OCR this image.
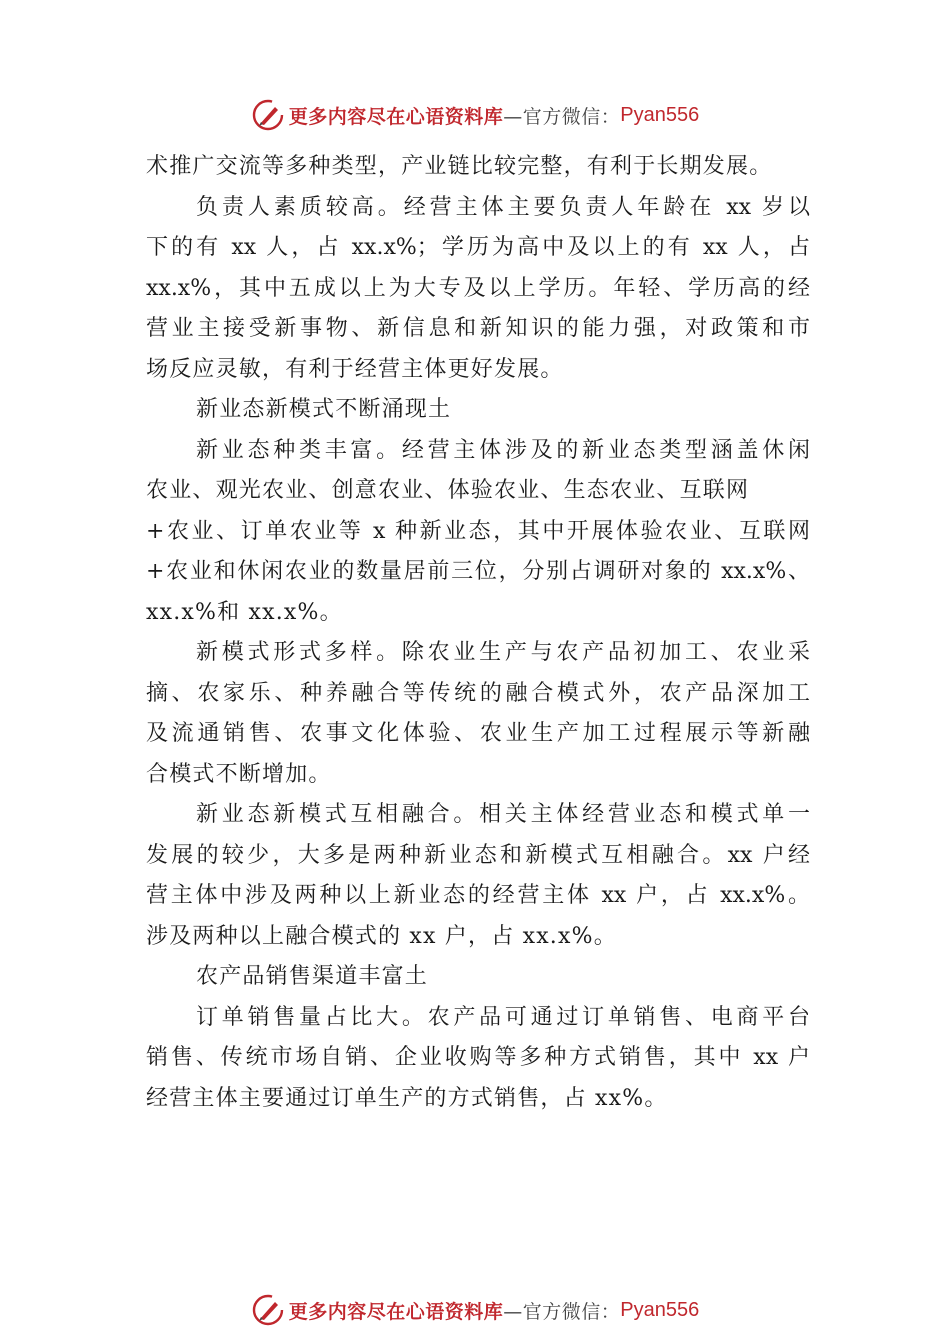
更多内容尽在心语资料库 —官方微信： Pyan556
术推广交流等多种类型，产业链比较完整，有利于长期发展。
负责人素质较高。经营主体主要负责人年龄在 xx 岁以
下的有 xx 人，占 xx.x%；学历为高中及以上的有 xx 人，占
xx.x%，其中五成以上为大专及以上学历。年轻、学历高的经
营业主接受新事物、新信息和新知识的能力强，对政策和市
场反应灵敏，有利于经营主体更好发展。
新业态新模式不断涌现土
新业态种类丰富。经营主体涉及的新业态类型涵盖休闲
农业、观光农业、创意农业、体验农业、生态农业、互联网
+农业、订单农业等 x 种新业态，其中开展体验农业、互联网
+农业和休闲农业的数量居前三位，分别占调研对象的 xx.x%、
xx.x%和 xx.x%。
新模式形式多样。除农业生产与农产品初加工、农业采
摘、农家乐、种养融合等传统的融合模式外，农产品深加工
及流通销售、农事文化体验、农业生产加工过程展示等新融
合模式不断增加。
新业态新模式互相融合。相关主体经营业态和模式单一
发展的较少，大多是两种新业态和新模式互相融合。xx 户经
营主体中涉及两种以上新业态的经营主体 xx 户，占 xx.x%。
涉及两种以上融合模式的 xx 户，占 xx.x%。
农产品销售渠道丰富土
订单销售量占比大。农产品可通过订单销售、电商平台
销售、传统市场自销、企业收购等多种方式销售，其中 xx 户
经营主体主要通过订单生产的方式销售，占 xx%。
更多内容尽在心语资料库 —官方微信： Pyan556
